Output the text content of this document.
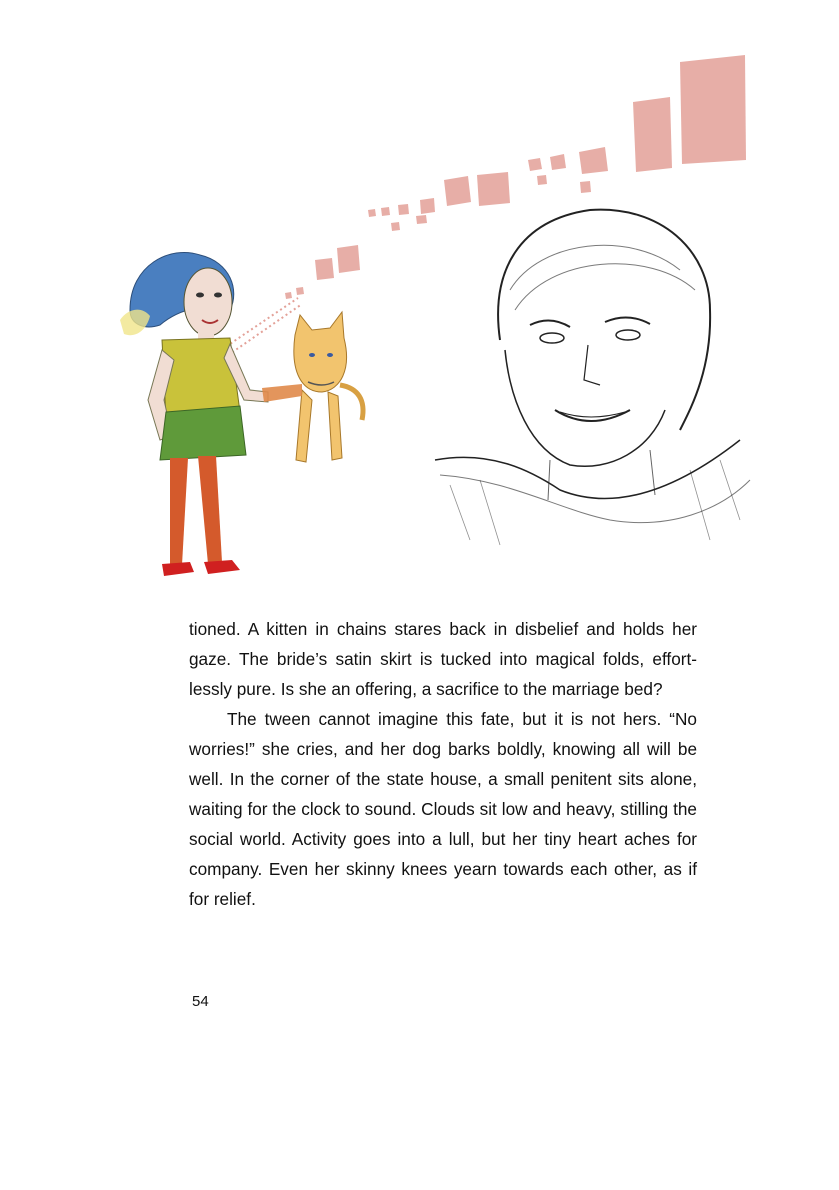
tioned. A kitten in chains stares back in disbelief and holds her gaze. The bride’s satin skirt is tucked into magical folds, effort-lessly pure. Is she an offering, a sacrifice to the marriage bed?

The tween cannot imagine this fate, but it is not hers. “No worries!” she cries, and her dog barks boldly, knowing all will be well. In the corner of the state house, a small penitent sits alone, waiting for the clock to sound. Clouds sit low and heavy, stilling the social world. Activity goes into a lull, but her tiny heart aches for company. Even her skinny knees yearn towards each other, as if for relief.

54
